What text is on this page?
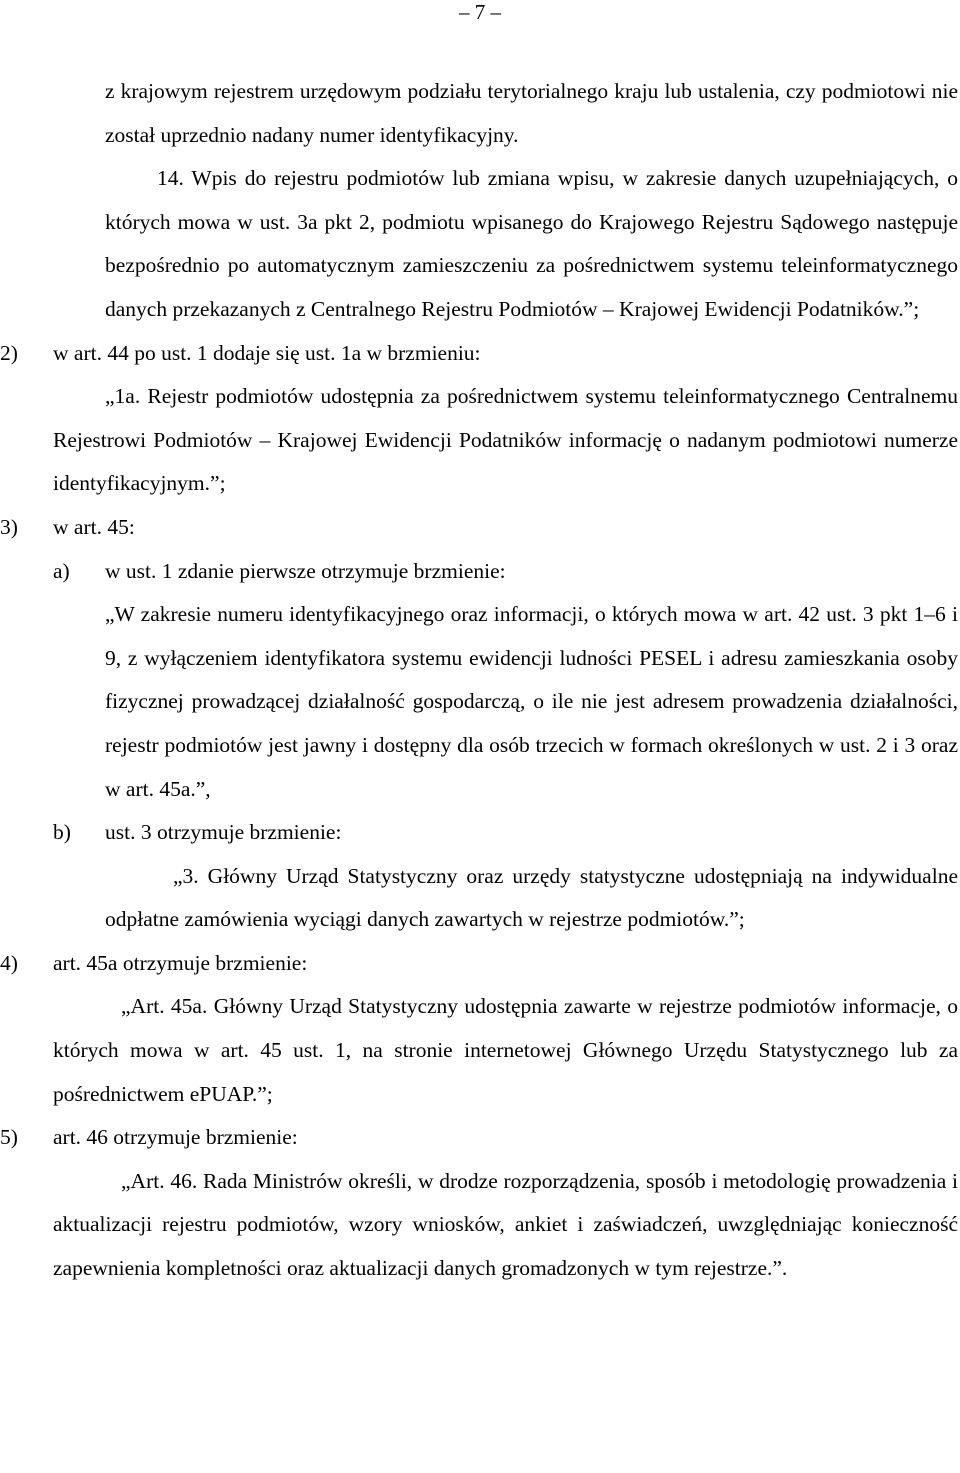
– 7 –

z krajowym rejestrem urzędowym podziału terytorialnego kraju lub ustalenia, czy podmiotowi nie został uprzednio nadany numer identyfikacyjny.

14. Wpis do rejestru podmiotów lub zmiana wpisu, w zakresie danych uzupełniających, o których mowa w ust. 3a pkt 2, podmiotu wpisanego do Krajowego Rejestru Sądowego następuje bezpośrednio po automatycznym zamieszczeniu za pośrednictwem systemu teleinformatycznego danych przekazanych z Centralnego Rejestru Podmiotów – Krajowej Ewidencji Podatników.”;

2) w art. 44 po ust. 1 dodaje się ust. 1a w brzmieniu:

„1a. Rejestr podmiotów udostępnia za pośrednictwem systemu teleinformatycznego Centralnemu Rejestrowi Podmiotów – Krajowej Ewidencji Podatników informację o nadanym podmiotowi numerze identyfikacyjnym.”;

3) w art. 45:
a) w ust. 1 zdanie pierwsze otrzymuje brzmienie:

„W zakresie numeru identyfikacyjnego oraz informacji, o których mowa w art. 42 ust. 3 pkt 1–6 i 9, z wyłączeniem identyfikatora systemu ewidencji ludności PESEL i adresu zamieszkania osoby fizycznej prowadzącej działalność gospodarczą, o ile nie jest adresem prowadzenia działalności, rejestr podmiotów jest jawny i dostępny dla osób trzecich w formach określonych w ust. 2 i 3 oraz w art. 45a.”,

b) ust. 3 otrzymuje brzmienie:

„3. Główny Urząd Statystyczny oraz urzędy statystyczne udostępniają na indywidualne odpłatne zamówienia wyciągi danych zawartych w rejestrze podmiotów.”;

4) art. 45a otrzymuje brzmienie:

„Art. 45a. Główny Urząd Statystyczny udostępnia zawarte w rejestrze podmiotów informacje, o których mowa w art. 45 ust. 1, na stronie internetowej Głównego Urzędu Statystycznego lub za pośrednictwem ePUAP.”;

5) art. 46 otrzymuje brzmienie:

„Art. 46. Rada Ministrów określi, w drodze rozporządzenia, sposób i metodologię prowadzenia i aktualizacji rejestru podmiotów, wzory wniosków, ankiet i zaświadczeń, uwzględniając konieczność zapewnienia kompletności oraz aktualizacji danych gromadzonych w tym rejestrze.”.
